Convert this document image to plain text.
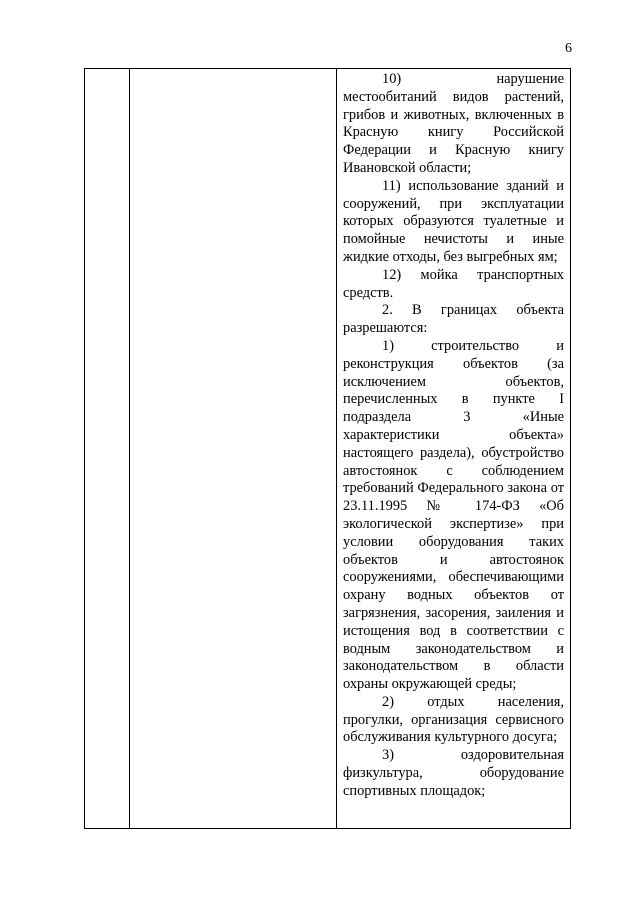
6

10) нарушение местообитаний видов растений, грибов и животных, включенных в Красную книгу Российской Федерации и Красную книгу Ивановской области;

11) использование зданий и сооружений, при эксплуатации которых образуются туалетные и помойные нечистоты и иные жидкие отходы, без выгребных ям;

12) мойка транспортных средств.

2. В границах объекта разрешаются:

1) строительство и реконструкция объектов (за исключением объектов, перечисленных в пункте I подраздела 3 «Иные характеристики объекта» настоящего раздела), обустройство автостоянок с соблюдением требований Федерального закона от 23.11.1995 № 174-ФЗ «Об экологической экспертизе» при условии оборудования таких объектов и автостоянок сооружениями, обеспечивающими охрану водных объектов от загрязнения, засорения, заиления и истощения вод в соответствии с водным законодательством и законодательством в области охраны окружающей среды;

2) отдых населения, прогулки, организация сервисного обслуживания культурного досуга;

3) оздоровительная физкультура, оборудование спортивных площадок;
